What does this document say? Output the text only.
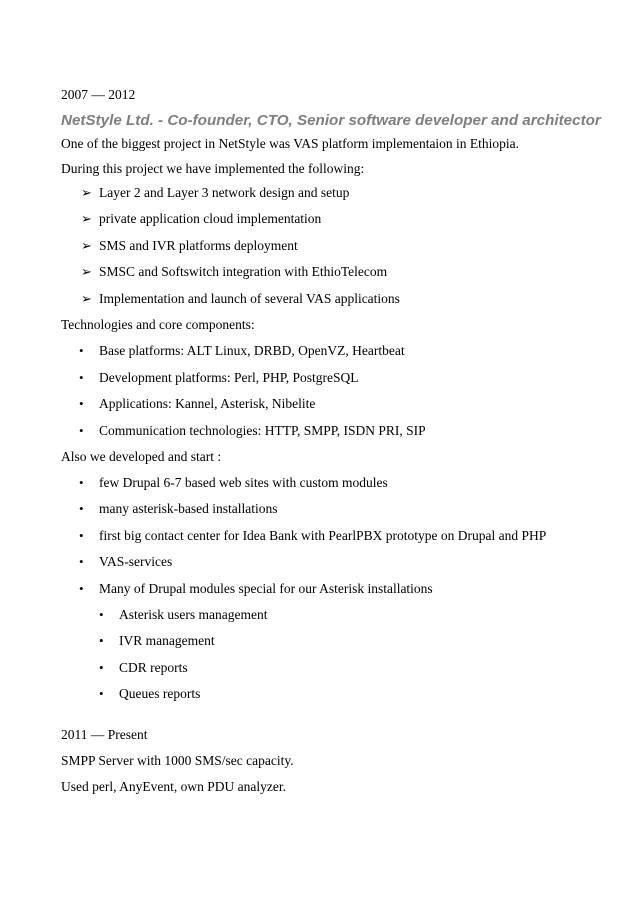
2007 — 2012
NetStyle Ltd. - Co-founder, CTO, Senior software developer and architector
One of the biggest project in NetStyle was VAS platform implementaion in Ethiopia.
During this project we have implemented the following:
➢ Layer 2 and Layer 3 network design and setup
➢ private application cloud implementation
➢ SMS and IVR platforms deployment
➢ SMSC and Softswitch integration with EthioTelecom
➢ Implementation and launch of several VAS applications
Technologies and core components:
• Base platforms: ALT Linux, DRBD, OpenVZ, Heartbeat
• Development platforms: Perl, PHP, PostgreSQL
• Applications: Kannel, Asterisk, Nibelite
• Communication technologies: HTTP, SMPP, ISDN PRI, SIP
Also we developed and start :
• few Drupal 6-7 based web sites with custom modules
• many asterisk-based installations
• first big contact center for Idea Bank with PearlPBX prototype on Drupal and PHP
• VAS-services
• Many of Drupal modules special for our Asterisk installations
• Asterisk users management
• IVR management
• CDR reports
• Queues reports
2011 — Present
SMPP Server with 1000 SMS/sec capacity.
Used perl, AnyEvent, own PDU analyzer.
